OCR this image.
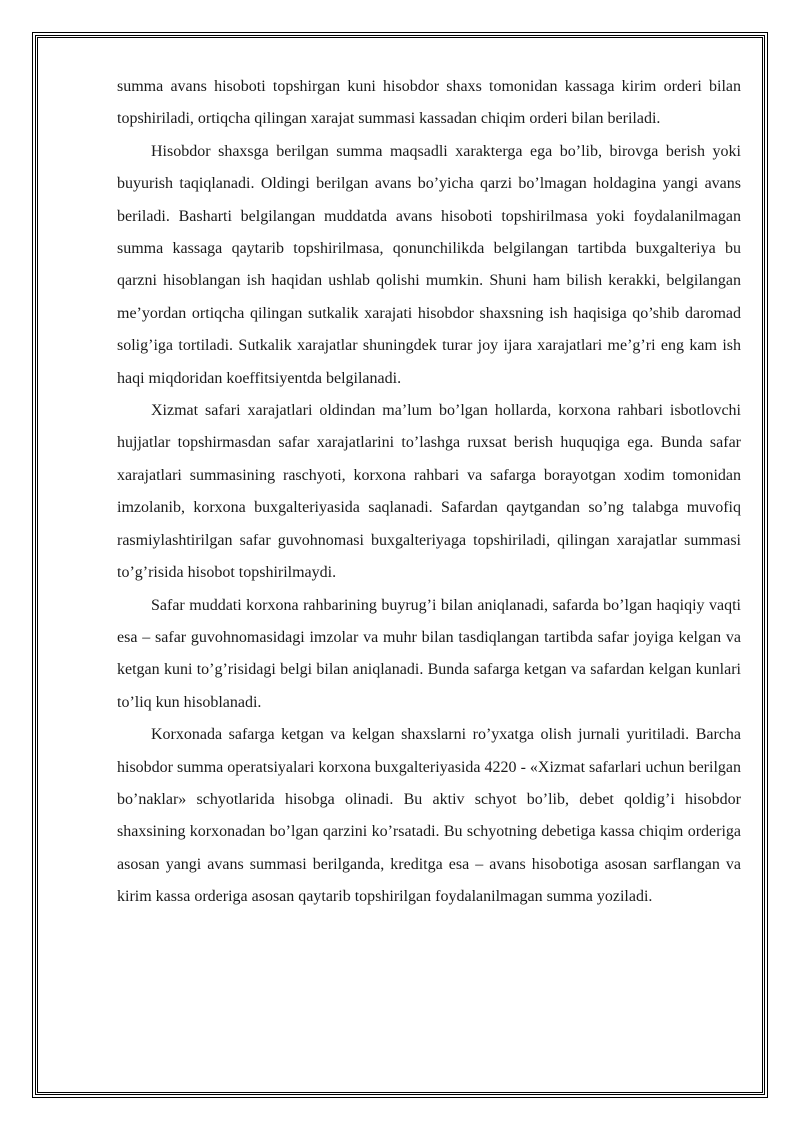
summa avans hisoboti topshirgan kuni hisobdor shaxs tomonidan kassaga kirim orderi bilan topshiriladi, ortiqcha qilingan xarajat summasi kassadan chiqim orderi bilan beriladi.

Hisobdor shaxsga berilgan summa maqsadli xarakterga ega bo’lib, birovga berish yoki buyurish taqiqlanadi. Oldingi berilgan avans bo’yicha qarzi bo’lmagan holdagina yangi avans beriladi. Basharti belgilangan muddatda avans hisoboti topshirilmasa yoki foydalanilmagan summa kassaga qaytarib topshirilmasa, qonunchilikda belgilangan tartibda buxgalteriya bu qarzni hisoblangan ish haqidan ushlab qolishi mumkin. Shuni ham bilish kerakki, belgilangan me’yordan ortiqcha qilingan sutkalik xarajati hisobdor shaxsning ish haqisiga qo’shib daromad solig’iga tortiladi. Sutkalik xarajatlar shuningdek turar joy ijara xarajatlari me’g’ri eng kam ish haqi miqdoridan koeffitsiyentda belgilanadi.

Xizmat safari xarajatlari oldindan ma’lum bo’lgan hollarda, korxona rahbari isbotlovchi hujjatlar topshirmasdan safar xarajatlarini to’lashga ruxsat berish huquqiga ega. Bunda safar xarajatlari summasining raschyoti, korxona rahbari va safarga borayotgan xodim tomonidan imzolanib, korxona buxgalteriyasida saqlanadi. Safardan qaytgandan so’ng talabga muvofiq rasmiylashtirilgan safar guvohnomasi buxgalteriyaga topshiriladi, qilingan xarajatlar summasi to’g’risida hisobot topshirilmaydi.

Safar muddati korxona rahbarining buyrug’i bilan aniqlanadi, safarda bo’lgan haqiqiy vaqti esa – safar guvohnomasidagi imzolar va muhr bilan tasdiqlangan tartibda safar joyiga kelgan va ketgan kuni to’g’risidagi belgi bilan aniqlanadi. Bunda safarga ketgan va safardan kelgan kunlari to’liq kun hisoblanadi.

Korxonada safarga ketgan va kelgan shaxslarni ro’yxatga olish jurnali yuritiladi. Barcha hisobdor summa operatsiyalari korxona buxgalteriyasida 4220 - «Xizmat safarlari uchun berilgan bo’naklar» schyotlarida hisobga olinadi. Bu aktiv schyot bo’lib, debet qoldig’i hisobdor shaxsining korxonadan bo’lgan qarzini ko’rsatadi. Bu schyotning debetiga kassa chiqim orderiga asosan yangi avans summasi berilganda, kreditga esa – avans hisobotiga asosan sarflangan va kirim kassa orderiga asosan qaytarib topshirilgan foydalanilmagan summa yoziladi.
